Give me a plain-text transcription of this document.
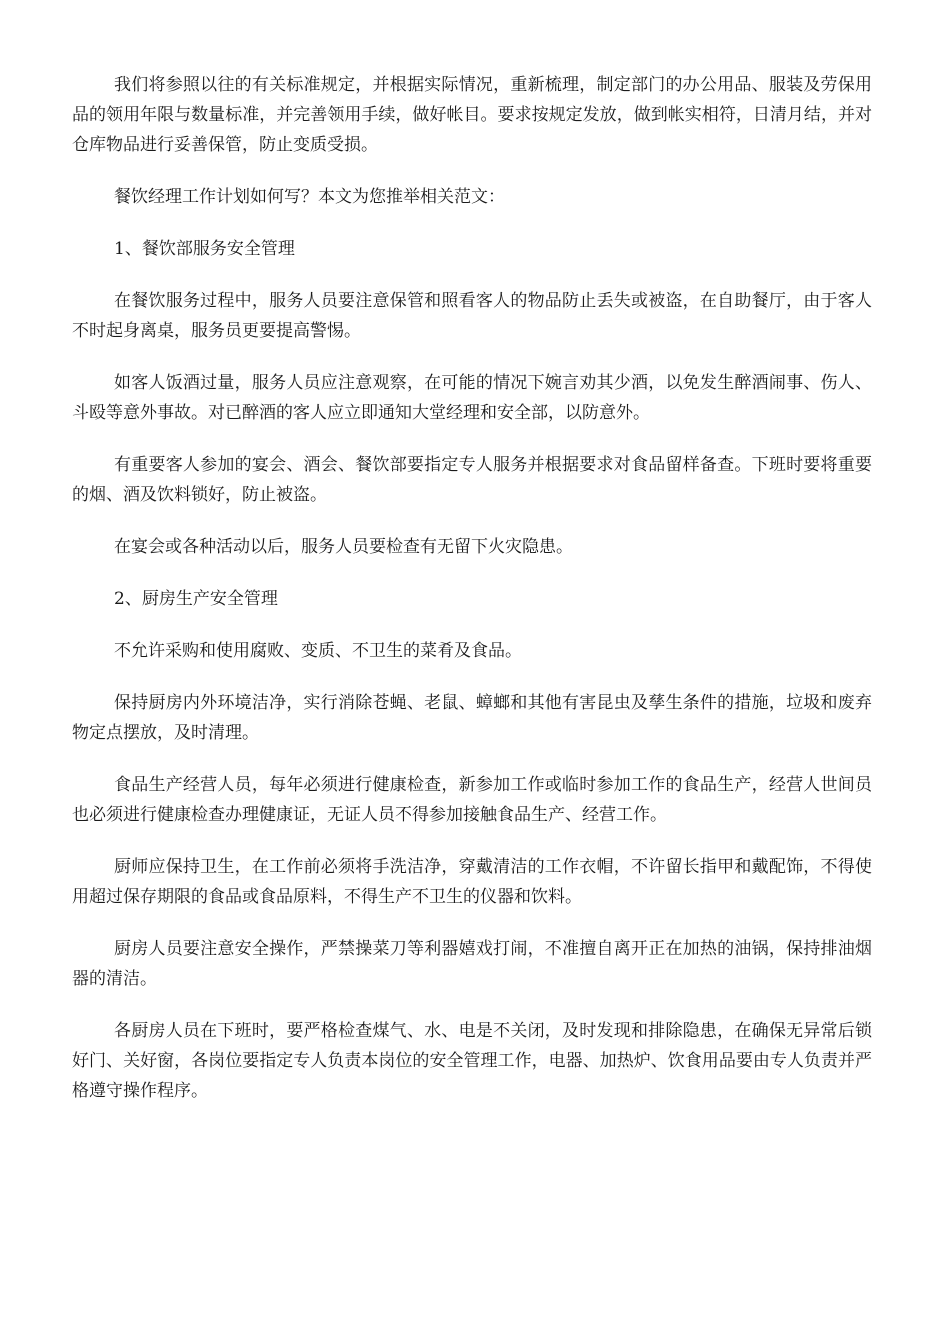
我们将参照以往的有关标准规定，并根据实际情况，重新梳理，制定部门的办公用品、服装及劳保用品的领用年限与数量标准，并完善领用手续，做好帐目。要求按规定发放，做到帐实相符，日清月结，并对仓库物品进行妥善保管，防止变质受损。

餐饮经理工作计划如何写？本文为您推举相关范文：

1、餐饮部服务安全管理

在餐饮服务过程中，服务人员要注意保管和照看客人的物品防止丢失或被盗，在自助餐厅，由于客人不时起身离桌，服务员更要提高警惕。

如客人饭酒过量，服务人员应注意观察，在可能的情况下婉言劝其少酒，以免发生醉酒闹事、伤人、斗殴等意外事故。对已醉酒的客人应立即通知大堂经理和安全部，以防意外。

有重要客人参加的宴会、酒会、餐饮部要指定专人服务并根据要求对食品留样备查。下班时要将重要的烟、酒及饮料锁好，防止被盗。

在宴会或各种活动以后，服务人员要检查有无留下火灾隐患。

2、厨房生产安全管理

不允许采购和使用腐败、变质、不卫生的菜肴及食品。

保持厨房内外环境洁净，实行消除苍蝇、老鼠、蟑螂和其他有害昆虫及孳生条件的措施，垃圾和废弃物定点摆放，及时清理。

食品生产经营人员，每年必须进行健康检查，新参加工作或临时参加工作的食品生产，经营人世间员也必须进行健康检查办理健康证，无证人员不得参加接触食品生产、经营工作。

厨师应保持卫生，在工作前必须将手洗洁净，穿戴清洁的工作衣帽，不许留长指甲和戴配饰，不得使用超过保存期限的食品或食品原料，不得生产不卫生的仪器和饮料。

厨房人员要注意安全操作，严禁操菜刀等利器嬉戏打闹，不准擅自离开正在加热的油锅，保持排油烟器的清洁。

各厨房人员在下班时，要严格检查煤气、水、电是不关闭，及时发现和排除隐患，在确保无异常后锁好门、关好窗，各岗位要指定专人负责本岗位的安全管理工作，电器、加热炉、饮食用品要由专人负责并严格遵守操作程序。
